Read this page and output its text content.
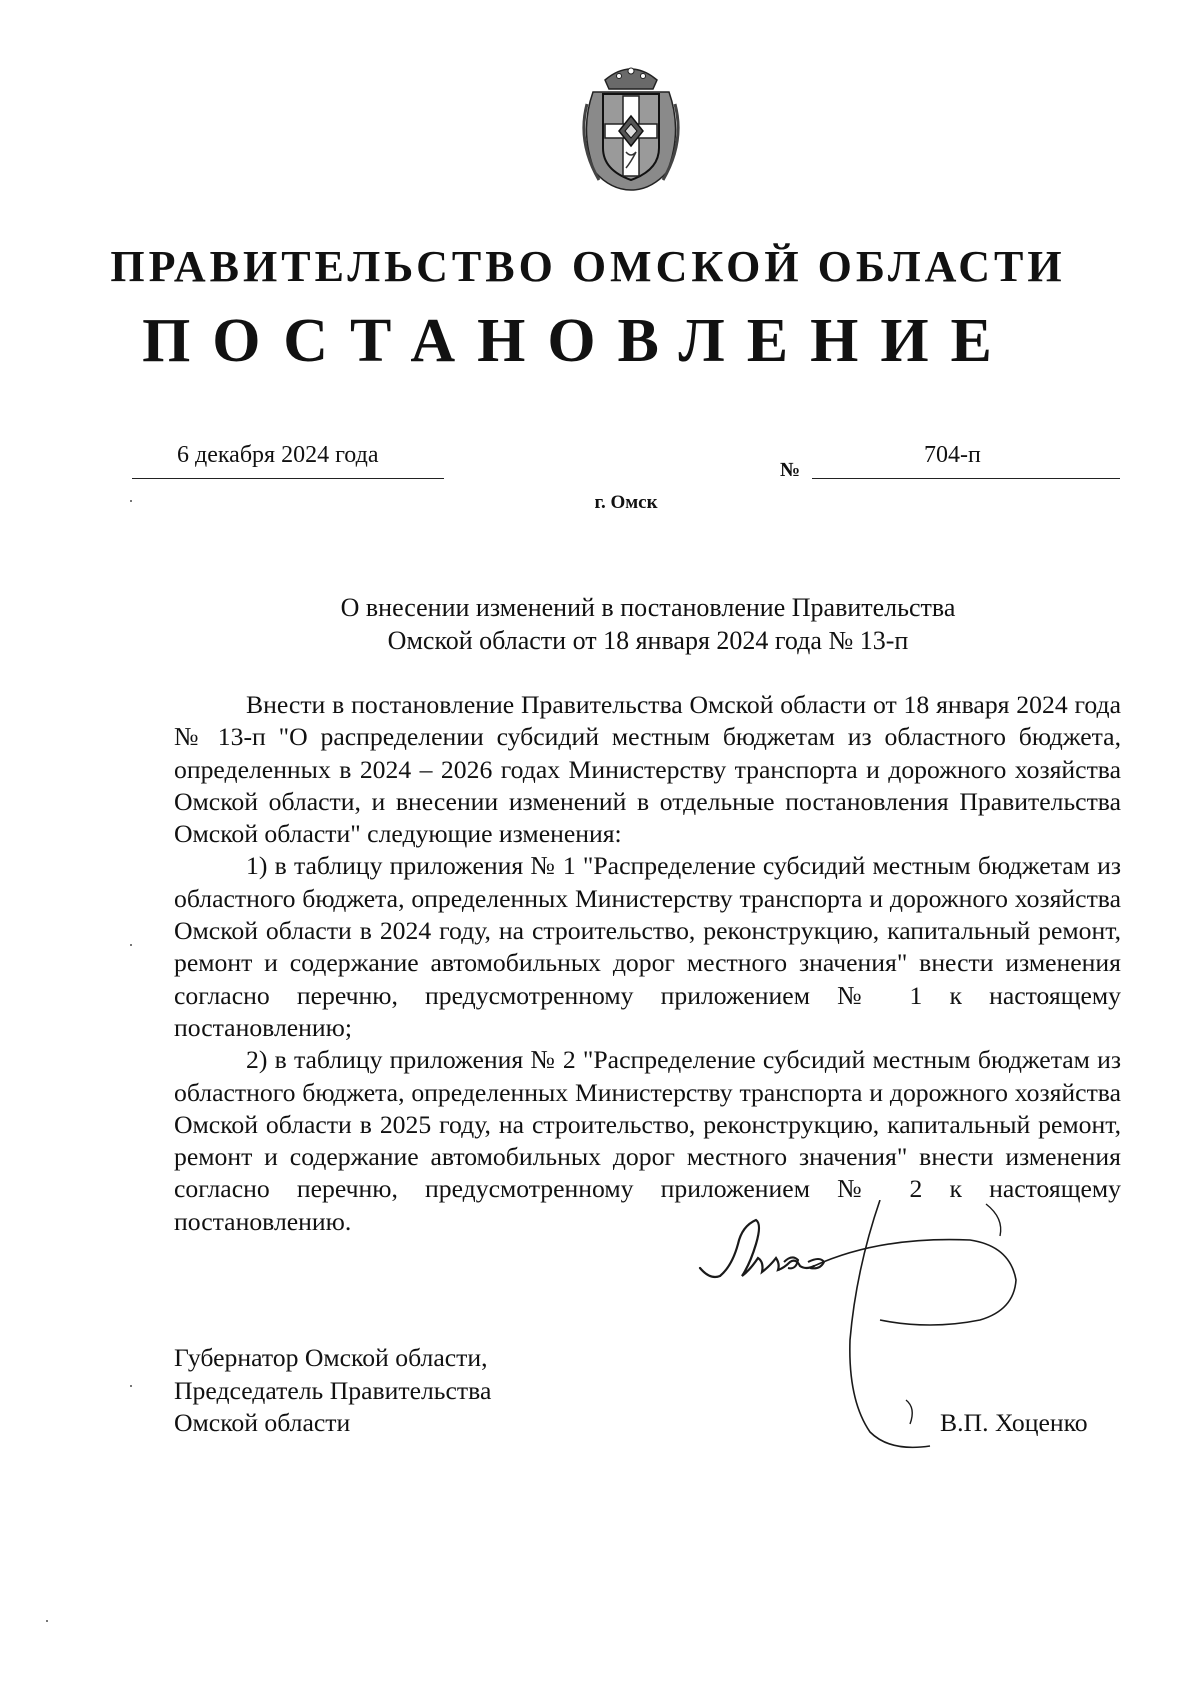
ПРАВИТЕЛЬСТВО ОМСКОЙ ОБЛАСТИ
ПОСТАНОВЛЕНИЕ
6 декабря 2024 года
№
704-п
г. Омск
О внесении изменений в постановление Правительства
Омской области от 18 января 2024 года № 13-п

Внести в постановление Правительства Омской области от 18 января 2024 года № 13-п "О распределении субсидий местным бюджетам из областного бюджета, определенных в 2024 – 2026 годах Министерству транспорта и дорожного хозяйства Омской области, и внесении изменений в отдельные постановления Правительства Омской области" следующие изменения:

1) в таблицу приложения № 1 "Распределение субсидий местным бюджетам из областного бюджета, определенных Министерству транспорта и дорожного хозяйства Омской области в 2024 году, на строительство, реконструкцию, капитальный ремонт, ремонт и содержание автомобильных дорог местного значения" внести изменения согласно перечню, предусмотренному приложением № 1 к настоящему постановлению;

2) в таблицу приложения № 2 "Распределение субсидий местным бюджетам из областного бюджета, определенных Министерству транспорта и дорожного хозяйства Омской области в 2025 году, на строительство, реконструкцию, капитальный ремонт, ремонт и содержание автомобильных дорог местного значения" внести изменения согласно перечню, предусмотренному приложением № 2 к настоящему постановлению.

Губернатор Омской области,
Председатель Правительства
Омской области	В.П. Хоценко
